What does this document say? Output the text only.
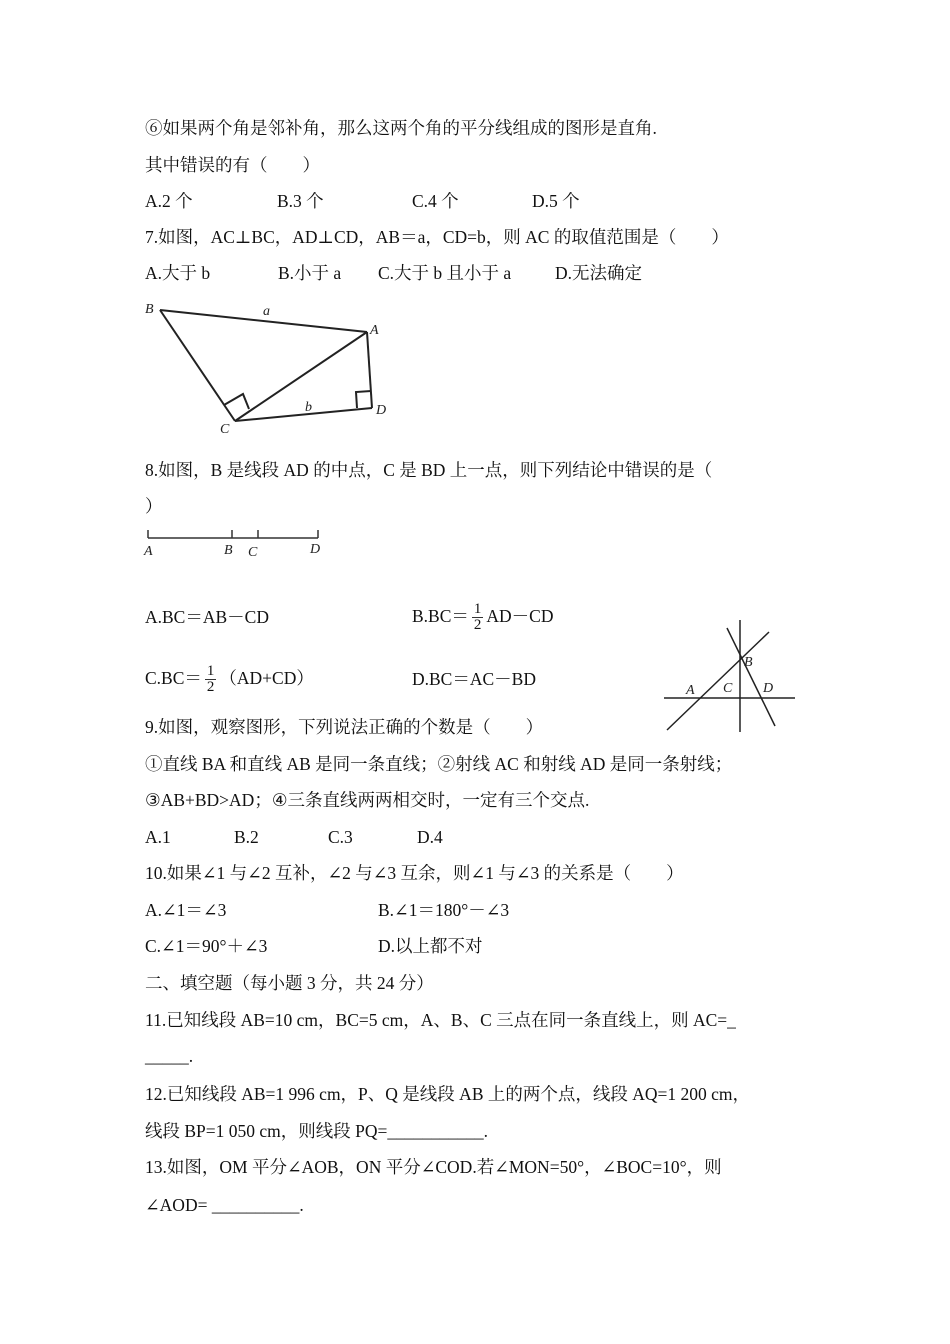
⑥如果两个角是邻补角，那么这两个角的平分线组成的图形是直角.
其中错误的有（　　）
A.2 个	B.3 个	C.4 个	D.5 个
7.如图，AC⊥BC，AD⊥CD，AB＝a，CD=b，则 AC 的取值范围是（　　）
A.大于 b	B.小于 a C.大于 b 且小于 a	D.无法确定
B	a
A
b	D
C
8.如图，B 是线段 AD 的中点，C 是 BD 上一点，则下列结论中错误的是（
）
A	B C	D
A.BC＝AB－CD	$B.BC= \frac{1}{2} AD-CD$
$C.BC= \frac{1}{2} (AD+CD)$	D.BC＝AC－BD
B
A C D
9.如图，观察图形，下列说法正确的个数是（　　）
①直线 BA 和直线 AB 是同一条直线；②射线 AC 和射线 AD 是同一条射线；
③AB+BD>AD；④三条直线两两相交时，一定有三个交点.
A.1	B.2	C.3	D.4
10.如果∠1 与∠2 互补，∠2 与∠3 互余，则∠1 与∠3 的关系是（　　）
A.∠1＝∠3	B.∠1＝180°－∠3
C.∠1＝90°＋∠3	D.以上都不对
二、填空题（每小题 3 分，共 24 分）
11.已知线段 AB=10 cm，BC=5 cm，A、B、C 三点在同一条直线上，则 AC=_
_____.
12.已知线段 AB=1 996 cm，P、Q 是线段 AB 上的两个点，线段 AQ=1 200 cm，
线段 BP=1 050 cm，则线段 PQ=___________.
13.如图，OM 平分∠AOB，ON 平分∠COD.若∠MON=50°，∠BOC=10°，则
∠AOD= __________.
